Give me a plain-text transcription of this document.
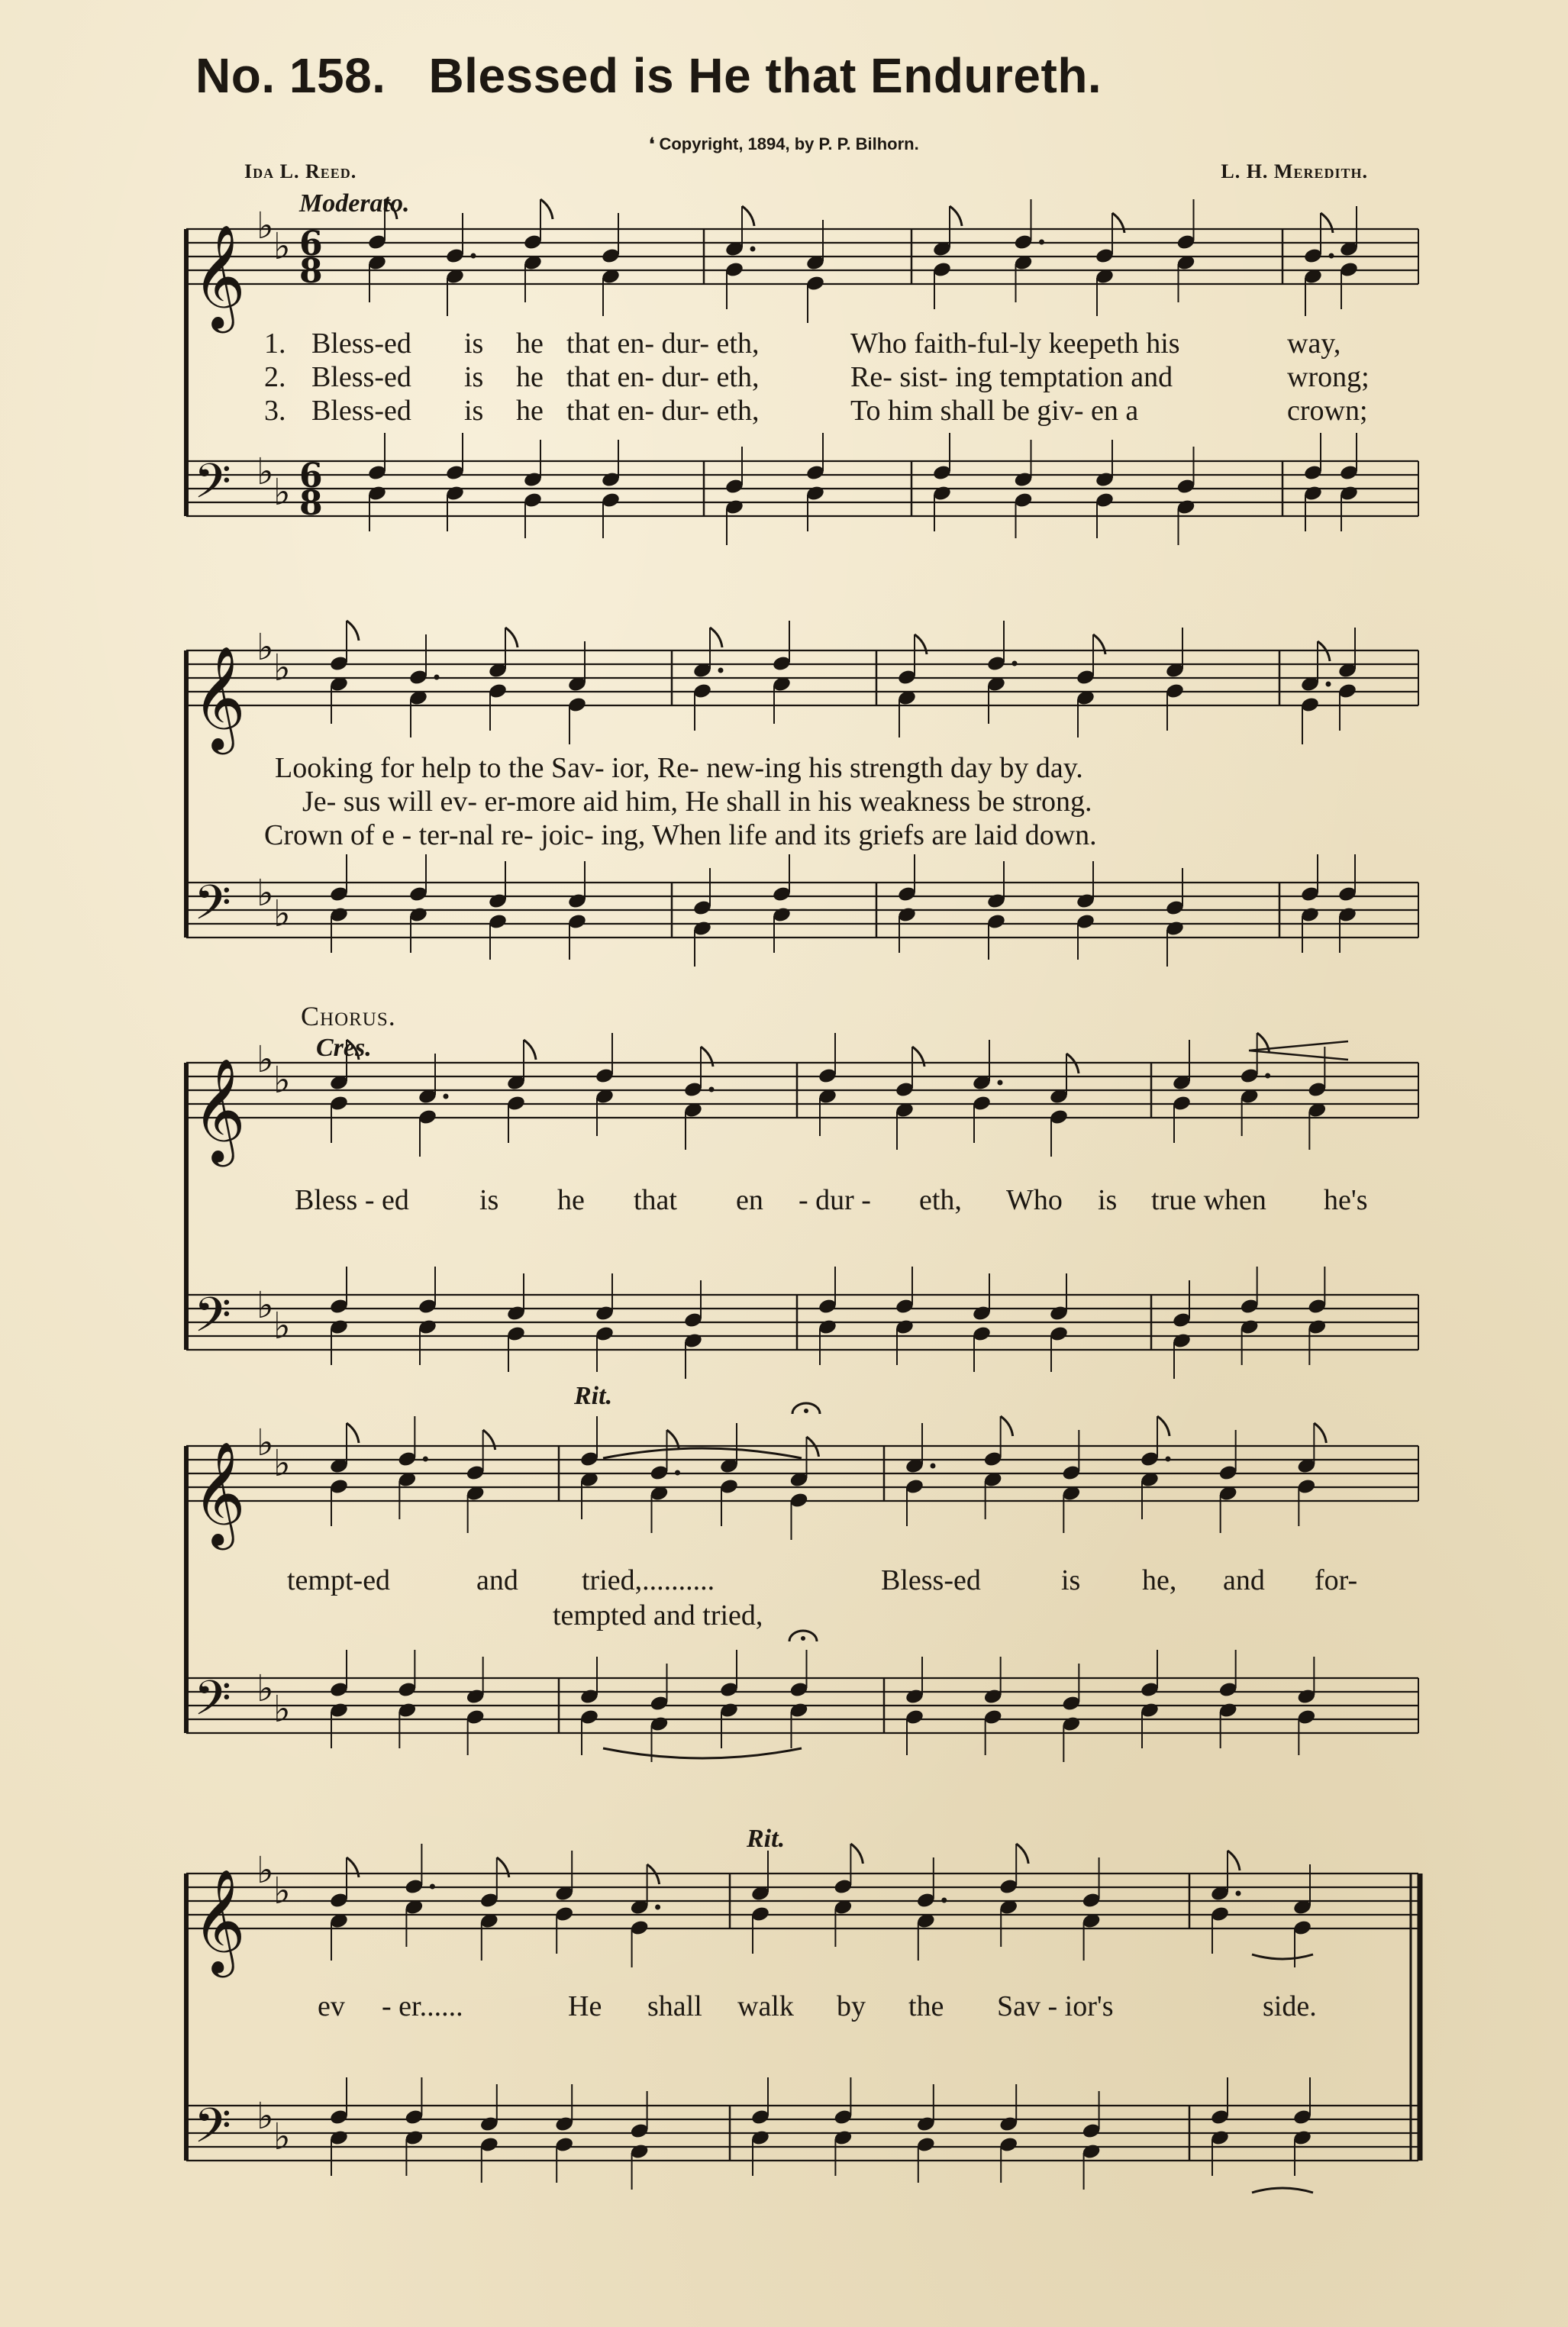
No. 158. Blessed is He that Endureth.
❛ Copyright, 1894, by P. P. Bilhorn.
Ida L. Reed.	L. H. Meredith.
Moderato.
1. Bless-ed is he that en- dur- eth,	Who faith-ful-ly keepeth his	way,
2. Bless-ed is he that en- dur- eth,	Re- sist- ing temptation and	wrong;
3. Bless-ed is he that en- dur- eth,	To him shall be giv- en a	crown;
Looking for help to the Sav- ior, Re- new-ing his strength day by day.
Je- sus will ev- er-more aid him, He shall in his weakness be strong.
Crown of e - ter-nal re- joic- ing, When life and its griefs are laid down.
Chorus.
Cres.
Bless - ed is he that en - dur - eth, Who is true when he's
Rit.
tempt-ed	and tried,..........	Bless-ed	is he, and for-
tempted and tried,
Rit.
ev - er......	He shall walk by the Sav - ior's	side.
𝄞 ♭ ♭ 6
8
𝄢 ♭ ♭ 6
8
𝄞 ♭ ♭
𝄢 ♭ ♭
𝄞 ♭ ♭
𝄢 ♭ ♭
𝄞 ♭ ♭
𝄢 ♭ ♭
𝄞 ♭ ♭
𝄢 ♭ ♭
